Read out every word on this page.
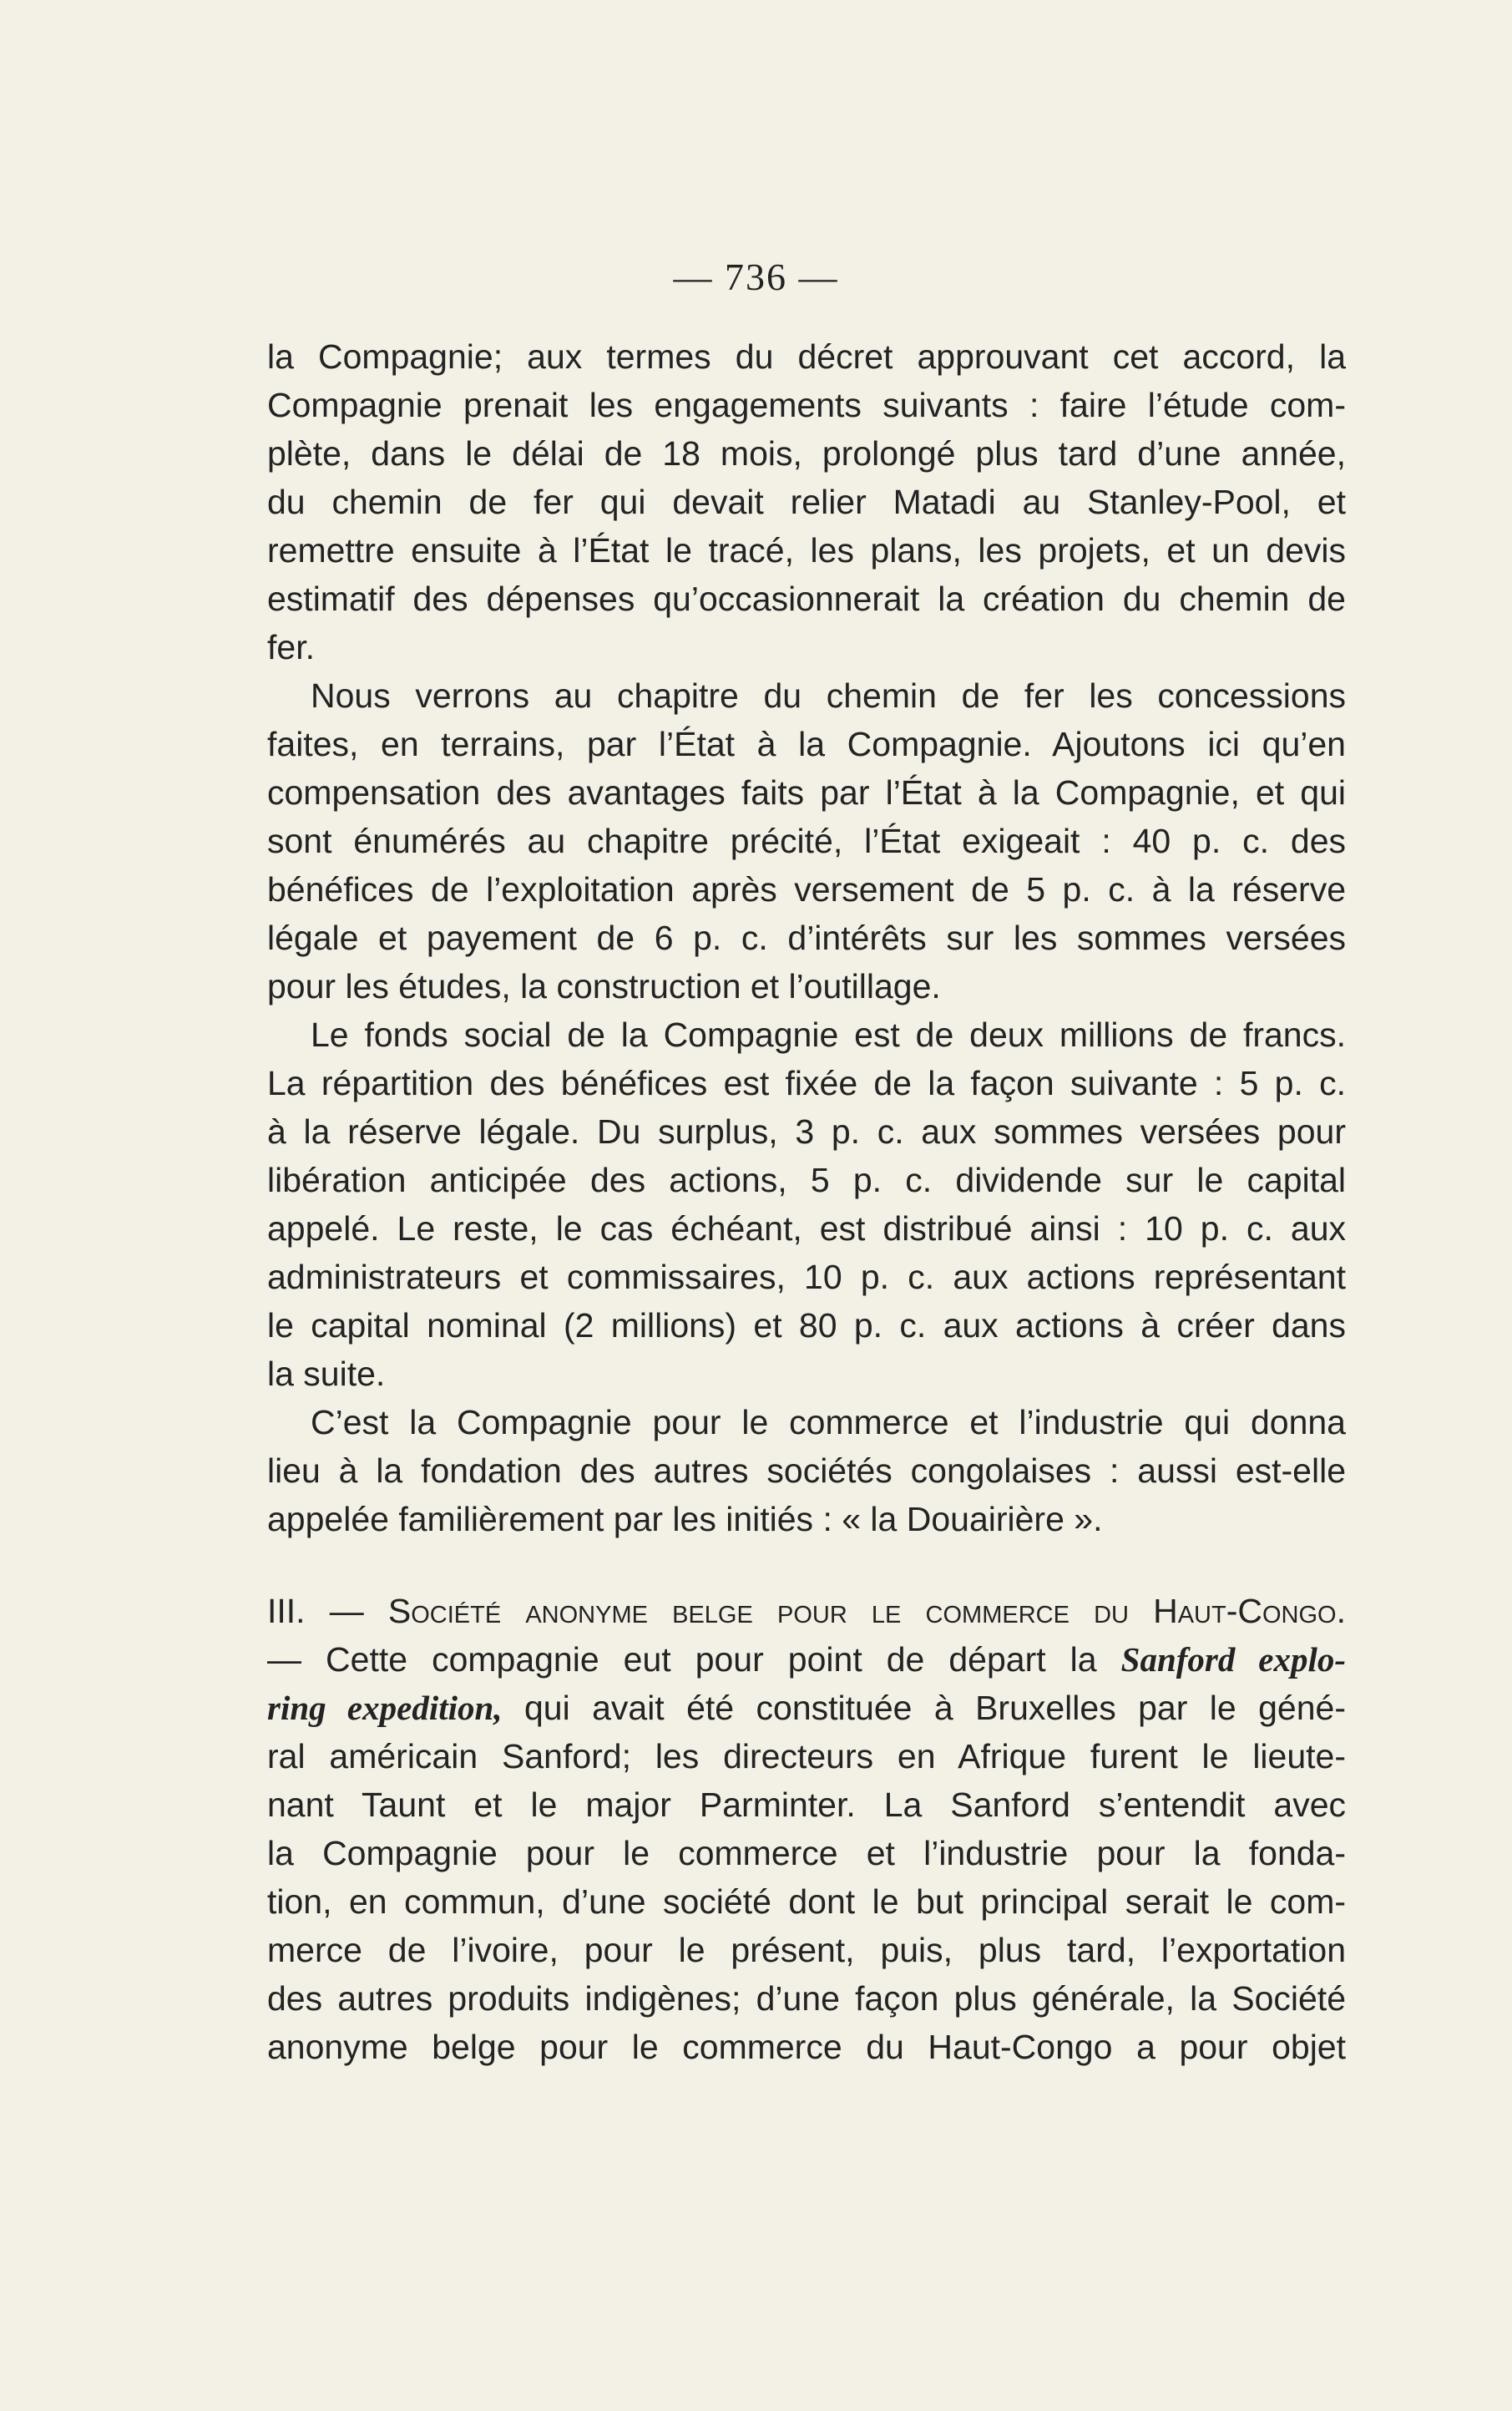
— 736 —
la Compagnie; aux termes du décret approuvant cet accord, la
Compagnie prenait les engagements suivants : faire l’étude com-
plète, dans le délai de 18 mois, prolongé plus tard d’une année,
du chemin de fer qui devait relier Matadi au Stanley-Pool, et
remettre ensuite à l’État le tracé, les plans, les projets, et un devis
estimatif des dépenses qu’occasionnerait la création du chemin de
fer.
Nous verrons au chapitre du chemin de fer les concessions
faites, en terrains, par l’État à la Compagnie. Ajoutons ici qu’en
compensation des avantages faits par l’État à la Compagnie, et qui
sont énumérés au chapitre précité, l’État exigeait : 40 p. c. des
bénéfices de l’exploitation après versement de 5 p. c. à la réserve
légale et payement de 6 p. c. d’intérêts sur les sommes versées
pour les études, la construction et l’outillage.
Le fonds social de la Compagnie est de deux millions de francs.
La répartition des bénéfices est fixée de la façon suivante : 5 p. c.
à la réserve légale. Du surplus, 3 p. c. aux sommes versées pour
libération anticipée des actions, 5 p. c. dividende sur le capital
appelé. Le reste, le cas échéant, est distribué ainsi : 10 p. c. aux
administrateurs et commissaires, 10 p. c. aux actions représentant
le capital nominal (2 millions) et 80 p. c. aux actions à créer dans
la suite.
C’est la Compagnie pour le commerce et l’industrie qui donna
lieu à la fondation des autres sociétés congolaises : aussi est-elle
appelée familièrement par les initiés : « la Douairière ».
III. — Société anonyme belge pour le commerce du Haut-Congo.
— Cette compagnie eut pour point de départ la Sanford explo-
ring expedition, qui avait été constituée à Bruxelles par le géné-
ral américain Sanford; les directeurs en Afrique furent le lieute-
nant Taunt et le major Parminter. La Sanford s’entendit avec
la Compagnie pour le commerce et l’industrie pour la fonda-
tion, en commun, d’une société dont le but principal serait le com-
merce de l’ivoire, pour le présent, puis, plus tard, l’exportation
des autres produits indigènes; d’une façon plus générale, la Société
anonyme belge pour le commerce du Haut-Congo a pour objet
